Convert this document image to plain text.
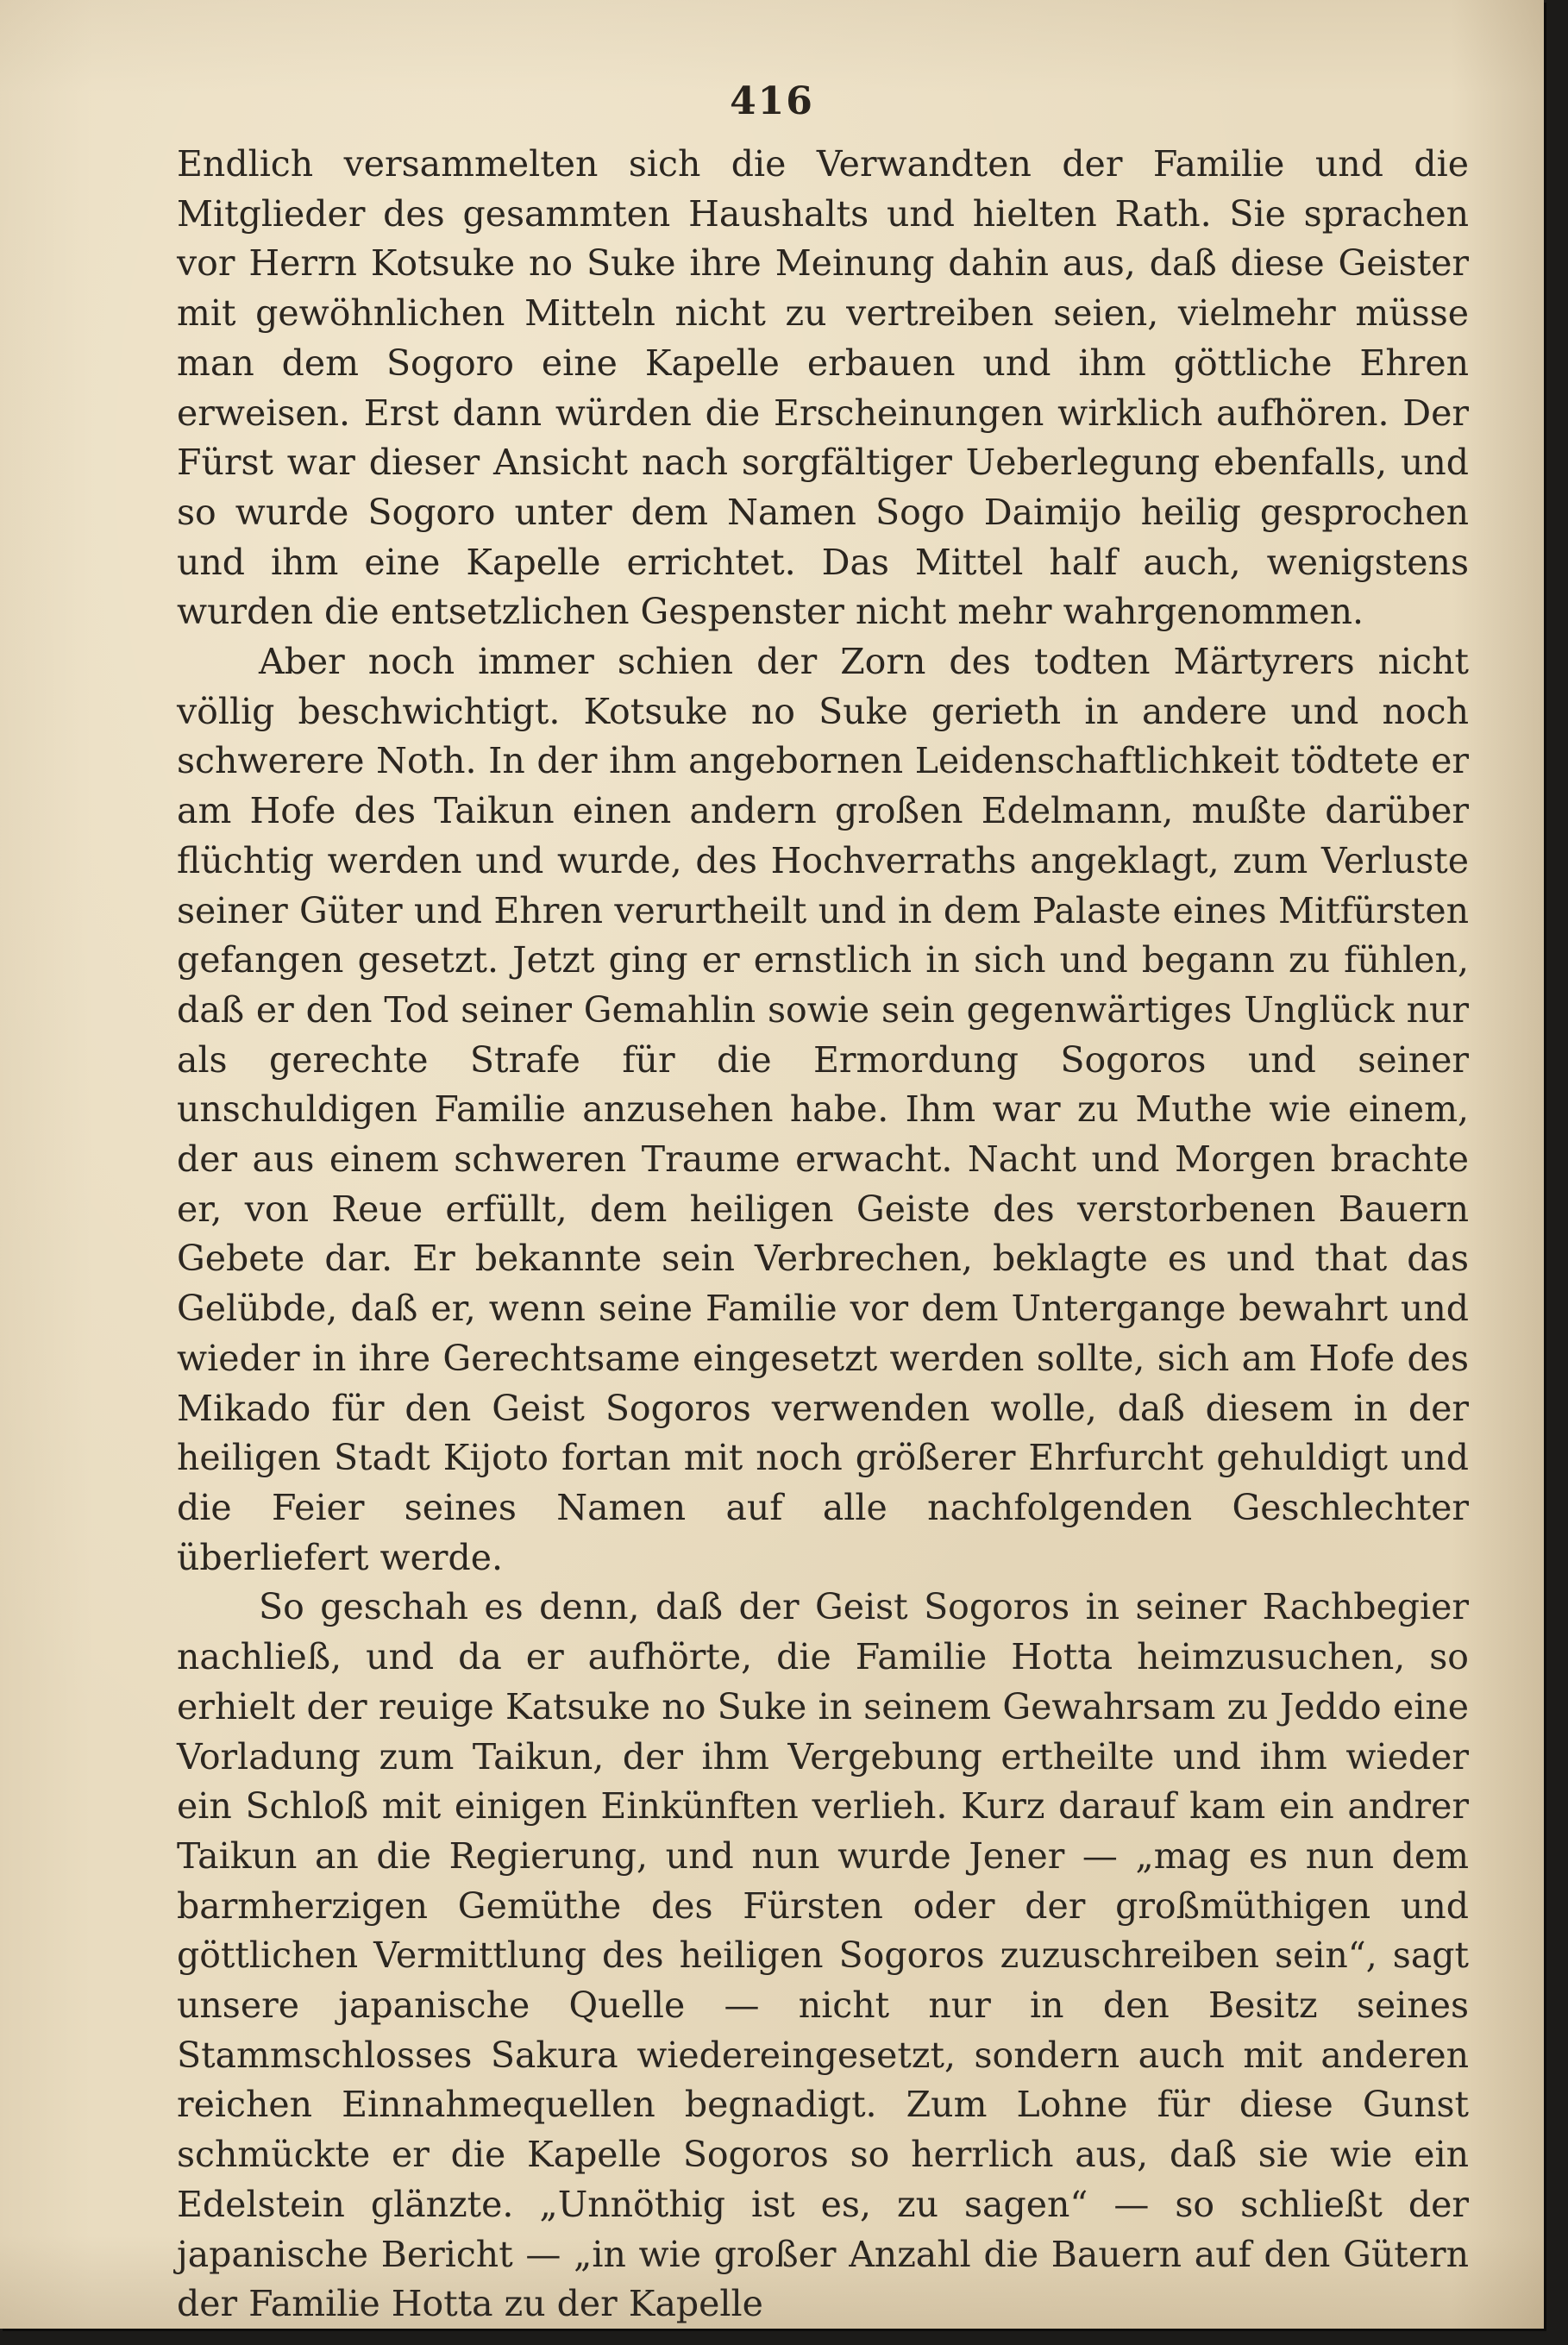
416

Endlich versammelten sich die Verwandten der Familie und die Mitglieder des gesammten Haushalts und hielten Rath. Sie sprachen vor Herrn Kotsuke no Suke ihre Meinung dahin aus, daß diese Geister mit gewöhnlichen Mitteln nicht zu vertreiben seien, vielmehr müsse man dem Sogoro eine Kapelle erbauen und ihm göttliche Ehren erweisen. Erst dann würden die Erscheinungen wirklich aufhören. Der Fürst war dieser Ansicht nach sorgfältiger Ueberlegung ebenfalls, und so wurde Sogoro unter dem Namen Sogo Daimijo heilig gesprochen und ihm eine Kapelle errichtet. Das Mittel half auch, wenigstens wurden die entsetzlichen Gespenster nicht mehr wahrgenommen.

Aber noch immer schien der Zorn des todten Märtyrers nicht völlig beschwichtigt. Kotsuke no Suke gerieth in andere und noch schwerere Noth. In der ihm angebornen Leidenschaftlichkeit tödtete er am Hofe des Taikun einen andern großen Edelmann, mußte darüber flüchtig werden und wurde, des Hochverraths angeklagt, zum Verluste seiner Güter und Ehren verurtheilt und in dem Palaste eines Mitfürsten gefangen gesetzt. Jetzt ging er ernstlich in sich und begann zu fühlen, daß er den Tod seiner Gemahlin sowie sein gegenwärtiges Unglück nur als gerechte Strafe für die Ermordung Sogoros und seiner unschuldigen Familie anzusehen habe. Ihm war zu Muthe wie einem, der aus einem schweren Traume erwacht. Nacht und Morgen brachte er, von Reue erfüllt, dem heiligen Geiste des verstorbenen Bauern Gebete dar. Er bekannte sein Verbrechen, beklagte es und that das Gelübde, daß er, wenn seine Familie vor dem Untergange bewahrt und wieder in ihre Gerechtsame eingesetzt werden sollte, sich am Hofe des Mikado für den Geist Sogoros verwenden wolle, daß diesem in der heiligen Stadt Kijoto fortan mit noch größerer Ehrfurcht gehuldigt und die Feier seines Namen auf alle nachfolgenden Geschlechter überliefert werde.

So geschah es denn, daß der Geist Sogoros in seiner Rachbegier nachließ, und da er aufhörte, die Familie Hotta heimzusuchen, so erhielt der reuige Katsuke no Suke in seinem Gewahrsam zu Jeddo eine Vorladung zum Taikun, der ihm Vergebung ertheilte und ihm wieder ein Schloß mit einigen Einkünften verlieh. Kurz darauf kam ein andrer Taikun an die Regierung, und nun wurde Jener — „mag es nun dem barmherzigen Gemüthe des Fürsten oder der großmüthigen und göttlichen Vermittlung des heiligen Sogoros zuzuschreiben sein“, sagt unsere japanische Quelle — nicht nur in den Besitz seines Stammschlosses Sakura wiedereingesetzt, sondern auch mit anderen reichen Einnahmequellen begnadigt. Zum Lohne für diese Gunst schmückte er die Kapelle Sogoros so herrlich aus, daß sie wie ein Edelstein glänzte. „Unnöthig ist es, zu sagen“ — so schließt der japanische Bericht — „in wie großer Anzahl die Bauern auf den Gütern der Familie Hotta zu der Kapelle
